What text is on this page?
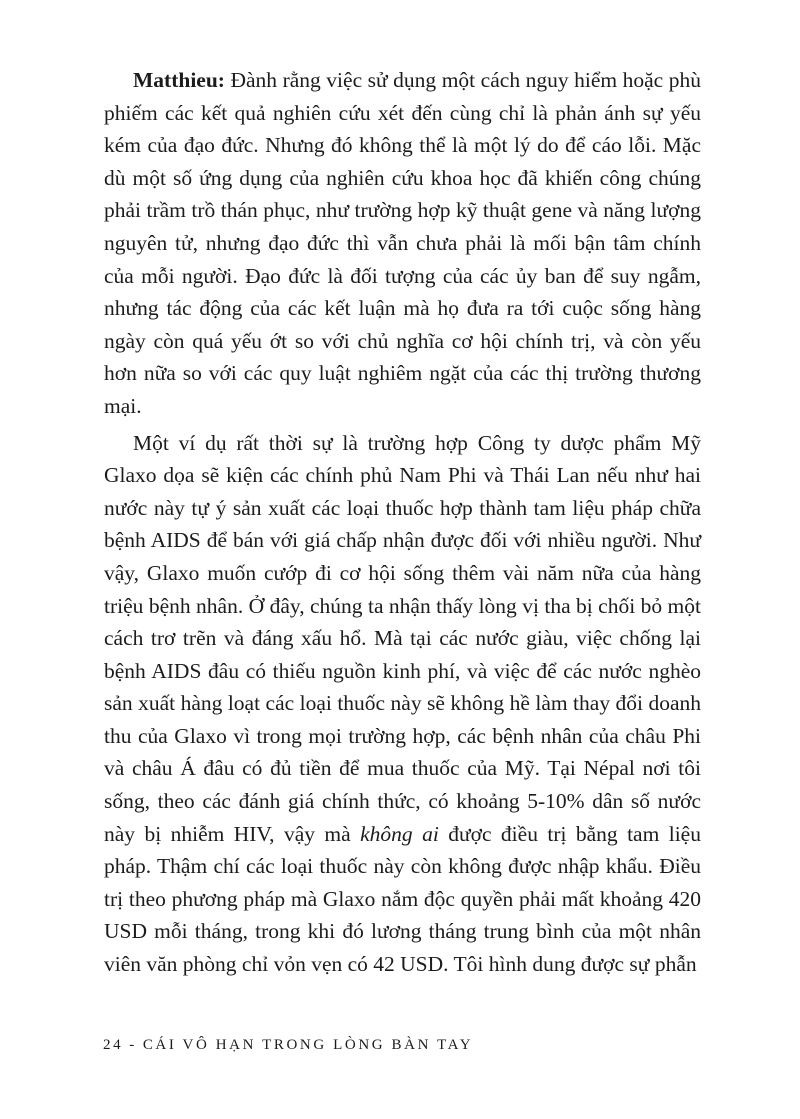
Matthieu: Đành rằng việc sử dụng một cách nguy hiểm hoặc phù phiếm các kết quả nghiên cứu xét đến cùng chỉ là phản ánh sự yếu kém của đạo đức. Nhưng đó không thể là một lý do để cáo lỗi. Mặc dù một số ứng dụng của nghiên cứu khoa học đã khiến công chúng phải trầm trồ thán phục, như trường hợp kỹ thuật gene và năng lượng nguyên tử, nhưng đạo đức thì vẫn chưa phải là mối bận tâm chính của mỗi người. Đạo đức là đối tượng của các ủy ban để suy ngẫm, nhưng tác động của các kết luận mà họ đưa ra tới cuộc sống hàng ngày còn quá yếu ớt so với chủ nghĩa cơ hội chính trị, và còn yếu hơn nữa so với các quy luật nghiêm ngặt của các thị trường thương mại.

Một ví dụ rất thời sự là trường hợp Công ty dược phẩm Mỹ Glaxo dọa sẽ kiện các chính phủ Nam Phi và Thái Lan nếu như hai nước này tự ý sản xuất các loại thuốc hợp thành tam liệu pháp chữa bệnh AIDS để bán với giá chấp nhận được đối với nhiều người. Như vậy, Glaxo muốn cướp đi cơ hội sống thêm vài năm nữa của hàng triệu bệnh nhân. Ở đây, chúng ta nhận thấy lòng vị tha bị chối bỏ một cách trơ trẽn và đáng xấu hổ. Mà tại các nước giàu, việc chống lại bệnh AIDS đâu có thiếu nguồn kinh phí, và việc để các nước nghèo sản xuất hàng loạt các loại thuốc này sẽ không hề làm thay đổi doanh thu của Glaxo vì trong mọi trường hợp, các bệnh nhân của châu Phi và châu Á đâu có đủ tiền để mua thuốc của Mỹ. Tại Népal nơi tôi sống, theo các đánh giá chính thức, có khoảng 5-10% dân số nước này bị nhiễm HIV, vậy mà không ai được điều trị bằng tam liệu pháp. Thậm chí các loại thuốc này còn không được nhập khẩu. Điều trị theo phương pháp mà Glaxo nắm độc quyền phải mất khoảng 420 USD mỗi tháng, trong khi đó lương tháng trung bình của một nhân viên văn phòng chỉ vỏn vẹn có 42 USD. Tôi hình dung được sự phẫn

24 - CÁI VÔ HẠN TRONG LÒNG BÀN TAY
